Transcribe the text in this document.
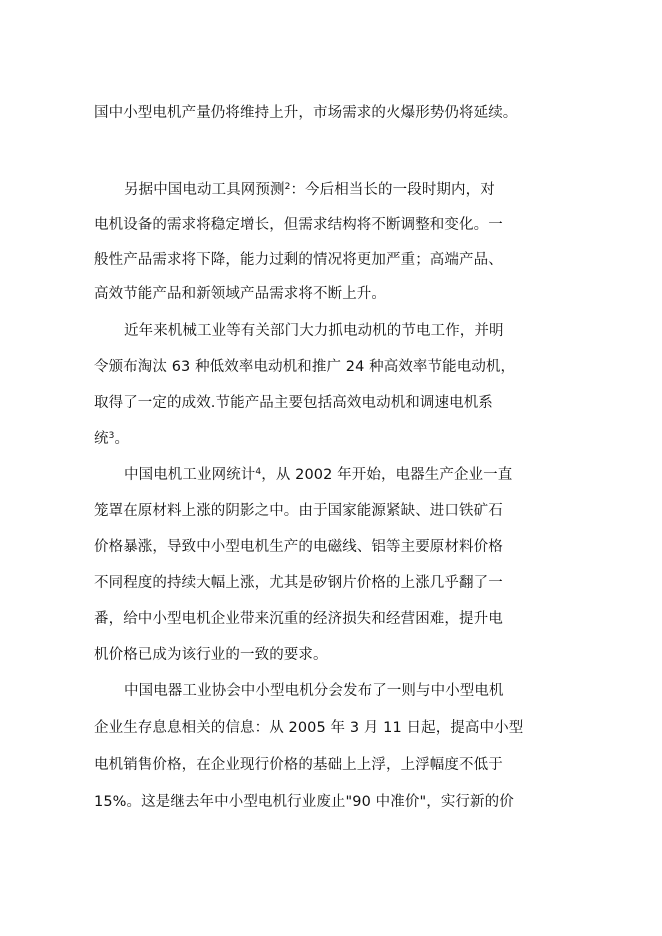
国中小型电机产量仍将维持上升，市场需求的火爆形势仍将延续。
另据中国电动工具网预测$^2$：今后相当长的一段时期内，对
电机设备的需求将稳定增长，但需求结构将不断调整和变化。一
般性产品需求将下降，能力过剩的情况将更加严重；高端产品、
高效节能产品和新领域产品需求将不断上升。
近年来机械工业等有关部门大力抓电动机的节电工作，并明
令颁布淘汰 63 种低效率电动机和推广 24 种高效率节能电动机，
取得了一定的成效.节能产品主要包括高效电动机和调速电机系
统$^3$。
中国电机工业网统计$^4$，从 2002 年开始，电器生产企业一直
笼罩在原材料上涨的阴影之中。由于国家能源紧缺、进口铁矿石
价格暴涨，导致中小型电机生产的电磁线、铝等主要原材料价格
不同程度的持续大幅上涨，尤其是矽钢片价格的上涨几乎翻了一
番，给中小型电机企业带来沉重的经济损失和经营困难，提升电
机价格已成为该行业的一致的要求。
中国电器工业协会中小型电机分会发布了一则与中小型电机
企业生存息息相关的信息：从 2005 年 3 月 11 日起，提高中小型
电机销售价格，在企业现行价格的基础上上浮，上浮幅度不低于
15%。这是继去年中小型电机行业废止"90 中准价"，实行新的价
